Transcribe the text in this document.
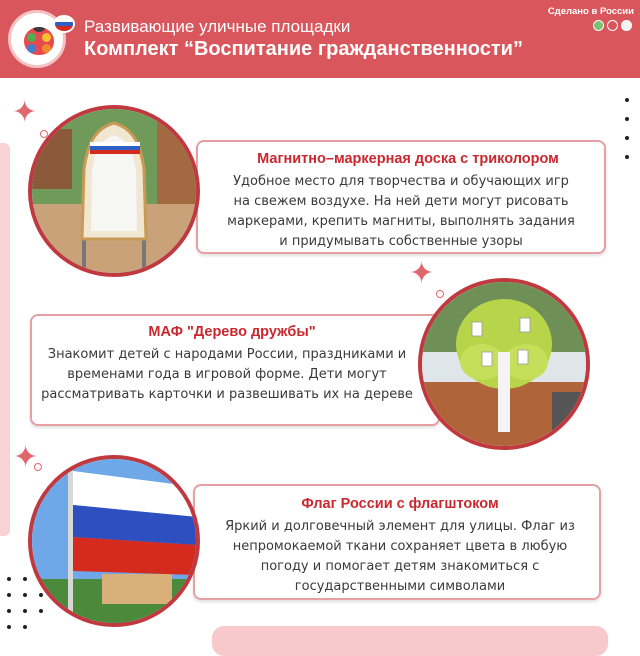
Развивающие уличные площадки
Комплект “Воспитание гражданственности”
Сделано в России
✦
✦
✦
Магнитно–маркерная доска с триколором
Удобное место для творчества и обучающих игр на свежем воздухе. На ней дети могут рисовать маркерами, крепить магниты, выполнять задания и придумывать собственные узоры
МАФ "Дерево дружбы"
Знакомит детей с народами России, праздниками и временами года в игровой форме. Дети могут рассматривать карточки и развешивать их на дереве
Флаг России с флагштоком
Яркий и долговечный элемент для улицы. Флаг из непромокаемой ткани сохраняет цвета в любую погоду и помогает детям знакомиться с государственными символами
